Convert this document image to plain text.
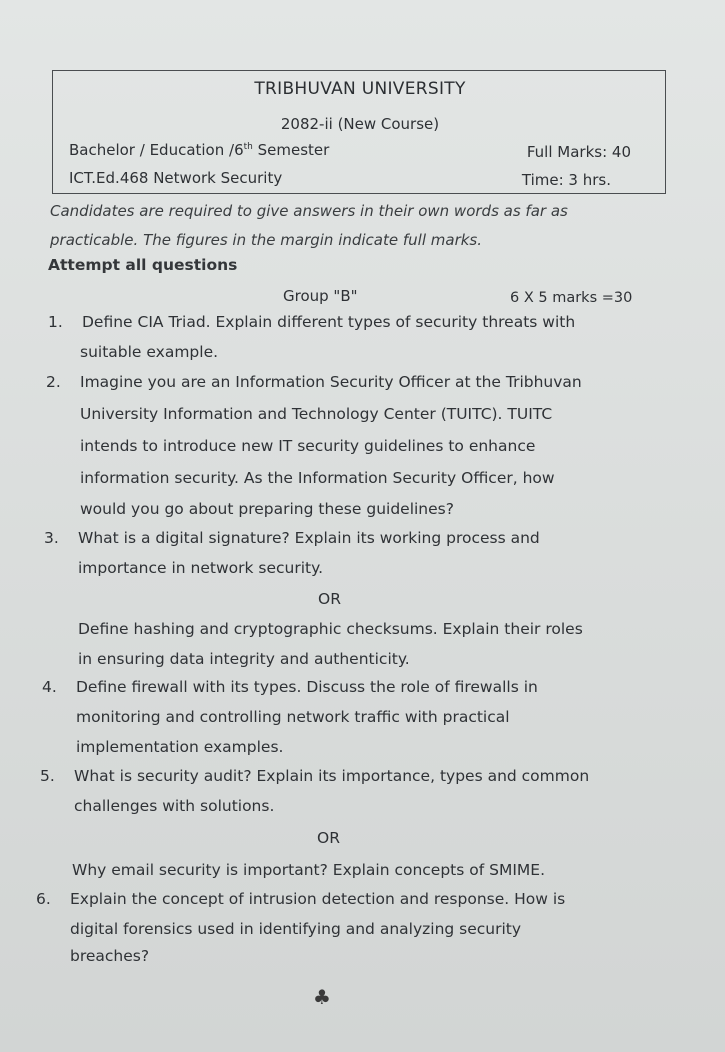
TRIBHUVAN UNIVERSITY
2082-ii (New Course)
Bachelor / Education /6th Semester	Full Marks: 40
ICT.Ed.468 Network Security	Time: 3 hrs.
Candidates are required to give answers in their own words as far as
practicable. The figures in the margin indicate full marks.
Attempt all questions
Group "B"	6 X 5 marks =30
1. Define CIA Triad. Explain different types of security threats with
suitable example.
2. Imagine you are an Information Security Officer at the Tribhuvan
University Information and Technology Center (TUITC). TUITC
intends to introduce new IT security guidelines to enhance
information security. As the Information Security Officer, how
would you go about preparing these guidelines?
3. What is a digital signature? Explain its working process and
importance in network security.
OR
Define hashing and cryptographic checksums. Explain their roles
in ensuring data integrity and authenticity.
4. Define firewall with its types. Discuss the role of firewalls in
monitoring and controlling network traffic with practical
implementation examples.
5. What is security audit? Explain its importance, types and common
challenges with solutions.
OR
Why email security is important? Explain concepts of SMIME.
6. Explain the concept of intrusion detection and response. How is
digital forensics used in identifying and analyzing security
breaches?
♣
